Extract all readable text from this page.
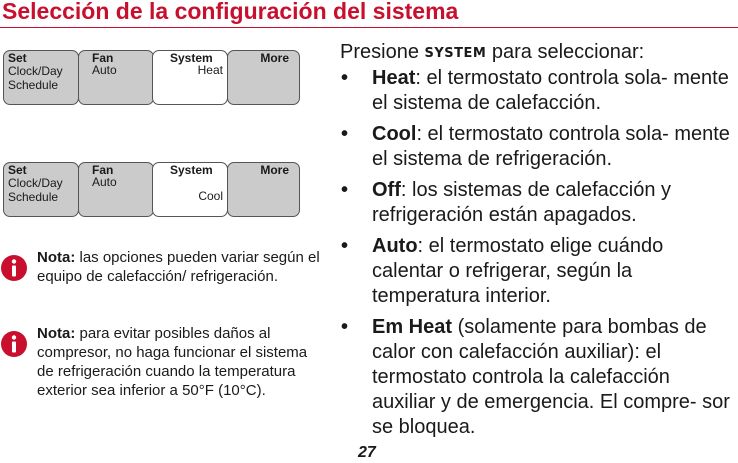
Selección de la configuración del sistema
Set
Clock/Day
Schedule
Fan
Auto
System
Heat
More
Set
Clock/Day
Schedule
Fan
Auto
System
Cool
More
Nota: las opciones pueden variar según el equipo de calefacción/ refrigeración.
Nota: para evitar posibles daños al compresor, no haga funcionar el sistema de refrigeración cuando la temperatura exterior sea inferior a 50°F (10°C).
Presione SYSTEM para seleccionar:
• Heat: el termostato controla sola- mente el sistema de calefacción.
• Cool: el termostato controla sola- mente el sistema de refrigeración.
• Off: los sistemas de calefacción y refrigeración están apagados.
• Auto: el termostato elige cuándo calentar o refrigerar, según la temperatura interior.
• Em Heat (solamente para bombas de calor con calefacción auxiliar): el termostato controla la calefacción auxiliar y de emergencia. El compre- sor se bloquea.
27
